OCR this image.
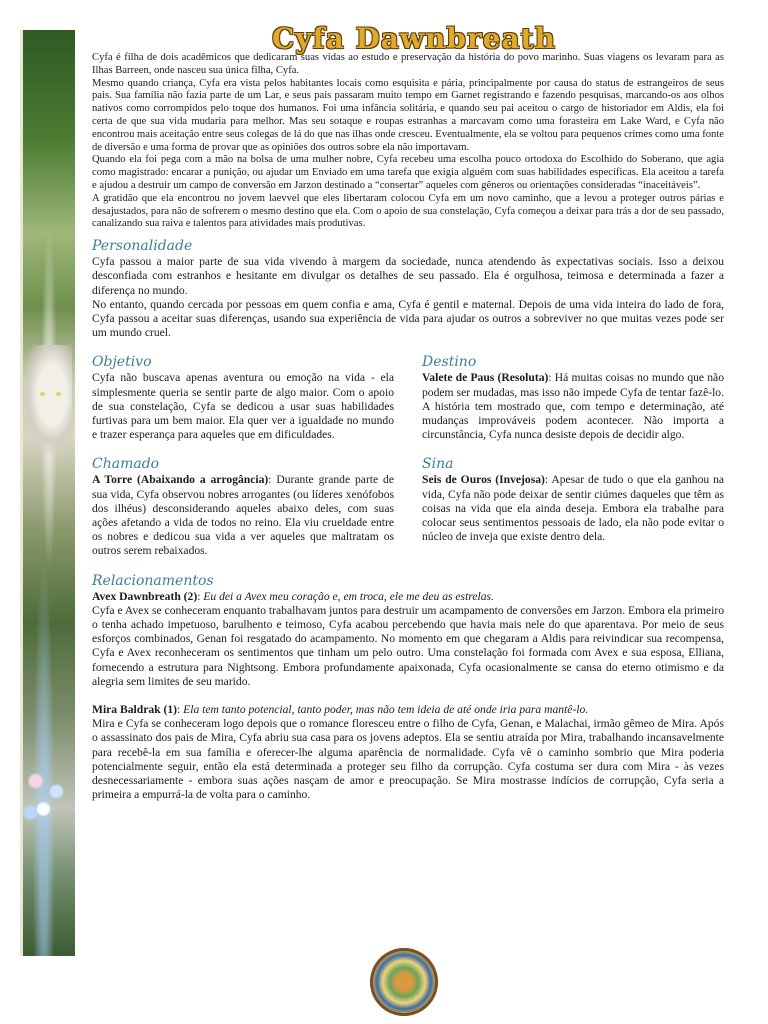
Cyfa Dawnbreath

Cyfa é filha de dois acadêmicos que dedicaram suas vidas ao estudo e preservação da história do povo marinho. Suas viagens os levaram para as Ilhas Barreen, onde nasceu sua única filha, Cyfa.

Mesmo quando criança, Cyfa era vista pelos habitantes locais como esquisita e pária, principalmente por causa do status de estrangeiros de seus pais. Sua família não fazia parte de um Lar, e seus pais passaram muito tempo em Garnet registrando e fazendo pesquisas, marcando-os aos olhos nativos como corrompidos pelo toque dos humanos. Foi uma infância solitária, e quando seu pai aceitou o cargo de historiador em Aldis, ela foi certa de que sua vida mudaria para melhor. Mas seu sotaque e roupas estranhas a marcavam como uma forasteira em Lake Ward, e Cyfa não encontrou mais aceitação entre seus colegas de lá do que nas ilhas onde cresceu. Eventualmente, ela se voltou para pequenos crimes como uma fonte de diversão e uma forma de provar que as opiniões dos outros sobre ela não importavam.

Quando ela foi pega com a mão na bolsa de uma mulher nobre, Cyfa recebeu uma escolha pouco ortodoxa do Escolhido do Soberano, que agia como magistrado: encarar a punição, ou ajudar um Enviado em uma tarefa que exigia alguém com suas habilidades específicas. Ela aceitou a tarefa e ajudou a destruir um campo de conversão em Jarzon destinado a “consertar” aqueles com gêneros ou orientações consideradas “inaceitáveis”.

A gratidão que ela encontrou no jovem laevvel que eles libertaram colocou Cyfa em um novo caminho, que a levou a proteger outros párias e desajustados, para não de sofrerem o mesmo destino que ela. Com o apoio de sua constelação, Cyfa começou a deixar para trás a dor de seu passado, canalizando sua raiva e talentos para atividades mais produtivas.

Personalidade

Cyfa passou a maior parte de sua vida vivendo à margem da sociedade, nunca atendendo às expectativas sociais. Isso a deixou desconfiada com estranhos e hesitante em divulgar os detalhes de seu passado. Ela é orgulhosa, teimosa e determinada a fazer a diferença no mundo.

No entanto, quando cercada por pessoas em quem confia e ama, Cyfa é gentil e maternal. Depois de uma vida inteira do lado de fora, Cyfa passou a aceitar suas diferenças, usando sua experiência de vida para ajudar os outros a sobreviver no que muitas vezes pode ser um mundo cruel.

Objetivo

Cyfa não buscava apenas aventura ou emoção na vida - ela simplesmente queria se sentir parte de algo maior. Com o apoio de sua constelação, Cyfa se dedicou a usar suas habilidades furtivas para um bem maior. Ela quer ver a igualdade no mundo e trazer esperança para aqueles que em dificuldades.

Chamado

A Torre (Abaixando a arrogância): Durante grande parte de sua vida, Cyfa observou nobres arrogantes (ou líderes xenófobos dos ilhéus) desconsiderando aqueles abaixo deles, com suas ações afetando a vida de todos no reino. Ela viu crueldade entre os nobres e dedicou sua vida a ver aqueles que maltratam os outros serem rebaixados.

Destino

Valete de Paus (Resoluta): Há muitas coisas no mundo que não podem ser mudadas, mas isso não impede Cyfa de tentar fazê-lo. A história tem mostrado que, com tempo e determinação, até mudanças improváveis podem acontecer. Não importa a circunstância, Cyfa nunca desiste depois de decidir algo.

Sina

Seis de Ouros (Invejosa): Apesar de tudo o que ela ganhou na vida, Cyfa não pode deixar de sentir ciúmes daqueles que têm as coisas na vida que ela ainda deseja. Embora ela trabalhe para colocar seus sentimentos pessoais de lado, ela não pode evitar o núcleo de inveja que existe dentro dela.

Relacionamentos

Avex Dawnbreath (2): Eu dei a Avex meu coração e, em troca, ele me deu as estrelas.

Cyfa e Avex se conheceram enquanto trabalhavam juntos para destruir um acampamento de conversões em Jarzon. Embora ela primeiro o tenha achado impetuoso, barulhento e teimoso, Cyfa acabou percebendo que havia mais nele do que aparentava. Por meio de seus esforços combinados, Genan foi resgatado do acampamento. No momento em que chegaram a Aldis para reivindicar sua recompensa, Cyfa e Avex reconheceram os sentimentos que tinham um pelo outro. Uma constelação foi formada com Avex e sua esposa, Elliana, fornecendo a estrutura para Nightsong. Embora profundamente apaixonada, Cyfa ocasionalmente se cansa do eterno otimismo e da alegria sem limites de seu marido.

Mira Baldrak (1): Ela tem tanto potencial, tanto poder, mas não tem ideia de até onde iria para mantê-lo.

Mira e Cyfa se conheceram logo depois que o romance floresceu entre o filho de Cyfa, Genan, e Malachai, irmão gêmeo de Mira. Após o assassinato dos pais de Mira, Cyfa abriu sua casa para os jovens adeptos. Ela se sentiu atraída por Mira, trabalhando incansavelmente para recebê-la em sua família e oferecer-lhe alguma aparência de normalidade. Cyfa vê o caminho sombrio que Mira poderia potencialmente seguir, então ela está determinada a proteger seu filho da corrupção. Cyfa costuma ser dura com Mira - às vezes desnecessariamente - embora suas ações nasçam de amor e preocupação. Se Mira mostrasse indícios de corrupção, Cyfa seria a primeira a empurrá-la de volta para o caminho.
